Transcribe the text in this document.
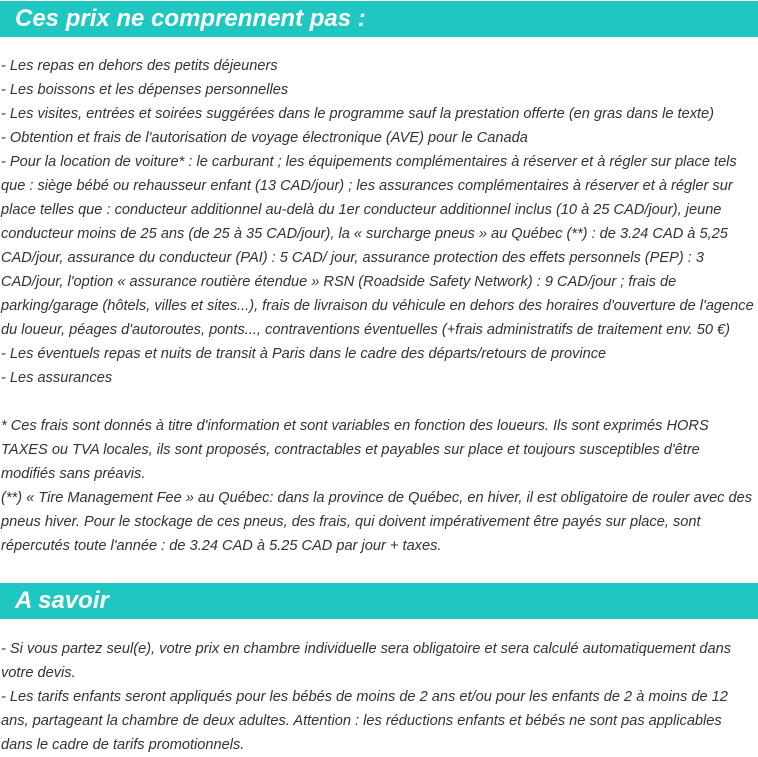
Ces prix ne comprennent pas :

- Les repas en dehors des petits déjeuners

- Les boissons et les dépenses personnelles

- Les visites, entrées et soirées suggérées dans le programme sauf la prestation offerte (en gras dans le texte)

- Obtention et frais de l'autorisation de voyage électronique (AVE) pour le Canada

- Pour la location de voiture* : le carburant ; les équipements complémentaires à réserver et à régler sur place tels que : siège bébé ou rehausseur enfant (13 CAD/jour) ; les assurances complémentaires à réserver et à régler sur place telles que : conducteur additionnel au-delà du 1er conducteur additionnel inclus (10 à 25 CAD/jour), jeune conducteur moins de 25 ans (de 25 à 35 CAD/jour), la « surcharge pneus » au Québec (**) : de 3.24 CAD à 5,25 CAD/jour, assurance du conducteur (PAI) : 5 CAD/ jour, assurance protection des effets personnels (PEP) : 3 CAD/jour, l'option « assurance routière étendue » RSN (Roadside Safety Network) : 9 CAD/jour ; frais de parking/garage (hôtels, villes et sites...), frais de livraison du véhicule en dehors des horaires d'ouverture de l'agence du loueur, péages d'autoroutes, ponts..., contraventions éventuelles (+frais administratifs de traitement env. 50 €)

- Les éventuels repas et nuits de transit à Paris dans le cadre des départs/retours de province

- Les assurances

* Ces frais sont donnés à titre d'information et sont variables en fonction des loueurs. Ils sont exprimés HORS TAXES ou TVA locales, ils sont proposés, contractables et payables sur place et toujours susceptibles d'être modifiés sans préavis.

(**) « Tire Management Fee » au Québec: dans la province de Québec, en hiver, il est obligatoire de rouler avec des pneus hiver. Pour le stockage de ces pneus, des frais, qui doivent impérativement être payés sur place, sont répercutés toute l'année : de 3.24 CAD à 5.25 CAD par jour + taxes.

A savoir

- Si vous partez seul(e), votre prix en chambre individuelle sera obligatoire et sera calculé automatiquement dans votre devis.

- Les tarifs enfants seront appliqués pour les bébés de moins de 2 ans et/ou pour les enfants de 2 à moins de 12 ans, partageant la chambre de deux adultes. Attention : les réductions enfants et bébés ne sont pas applicables dans le cadre de tarifs promotionnels.
